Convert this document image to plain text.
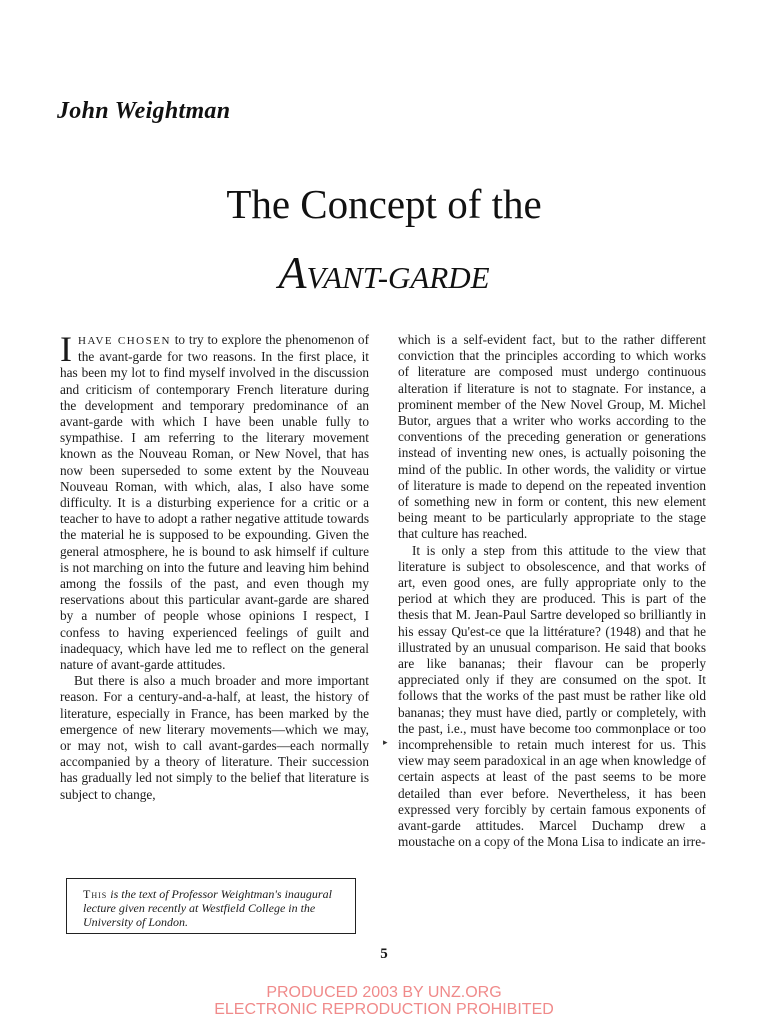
John Weightman
The Concept of the
AVANT-GARDE

IHAVE CHOSEN to try to explore the phenomenon of the avant-garde for two reasons. In the first place, it has been my lot to find myself involved in the discussion and criticism of contemporary French literature during the development and temporary predominance of an avant-garde with which I have been unable fully to sympathise. I am referring to the literary movement known as the Nouveau Roman, or New Novel, that has now been superseded to some extent by the Nouveau Nouveau Roman, with which, alas, I also have some difficulty. It is a disturbing experience for a critic or a teacher to have to adopt a rather negative attitude towards the material he is supposed to be expounding. Given the general atmosphere, he is bound to ask himself if culture is not marching on into the future and leaving him behind among the fossils of the past, and even though my reservations about this particular avant-garde are shared by a number of people whose opinions I respect, I confess to having experienced feelings of guilt and inadequacy, which have led me to reflect on the general nature of avant-garde attitudes.

But there is also a much broader and more important reason. For a century-and-a-half, at least, the history of literature, especially in France, has been marked by the emergence of new literary movements—which we may, or may not, wish to call avant-gardes—each normally accompanied by a theory of literature. Their succession has gradually led not simply to the belief that literature is subject to change,

which is a self-evident fact, but to the rather different conviction that the principles according to which works of literature are composed must undergo continuous alteration if literature is not to stagnate. For instance, a prominent member of the New Novel Group, M. Michel Butor, argues that a writer who works according to the conventions of the preceding generation or generations instead of inventing new ones, is actually poisoning the mind of the public. In other words, the validity or virtue of literature is made to depend on the repeated invention of something new in form or content, this new element being meant to be particularly appropriate to the stage that culture has reached.

It is only a step from this attitude to the view that literature is subject to obsolescence, and that works of art, even good ones, are fully appropriate only to the period at which they are produced. This is part of the thesis that M. Jean-Paul Sartre developed so brilliantly in his essay Qu'est-ce que la littérature? (1948) and that he illustrated by an unusual comparison. He said that books are like bananas; their flavour can be properly appreciated only if they are consumed on the spot. It follows that the works of the past must be rather like old bananas; they must have died, partly or completely, with the past, i.e., must have become too commonplace or too incomprehensible to retain much interest for us. This view may seem paradoxical in an age when knowledge of certain aspects at least of the past seems to be more detailed than ever before. Nevertheless, it has been expressed very forcibly by certain famous exponents of avant-garde attitudes. Marcel Duchamp drew a moustache on a copy of the Mona Lisa to indicate an irre-

▸
This is the text of Professor Weightman's inaugural lecture given recently at Westfield College in the University of London.
5
PRODUCED 2003 BY UNZ.ORG
ELECTRONIC REPRODUCTION PROHIBITED
